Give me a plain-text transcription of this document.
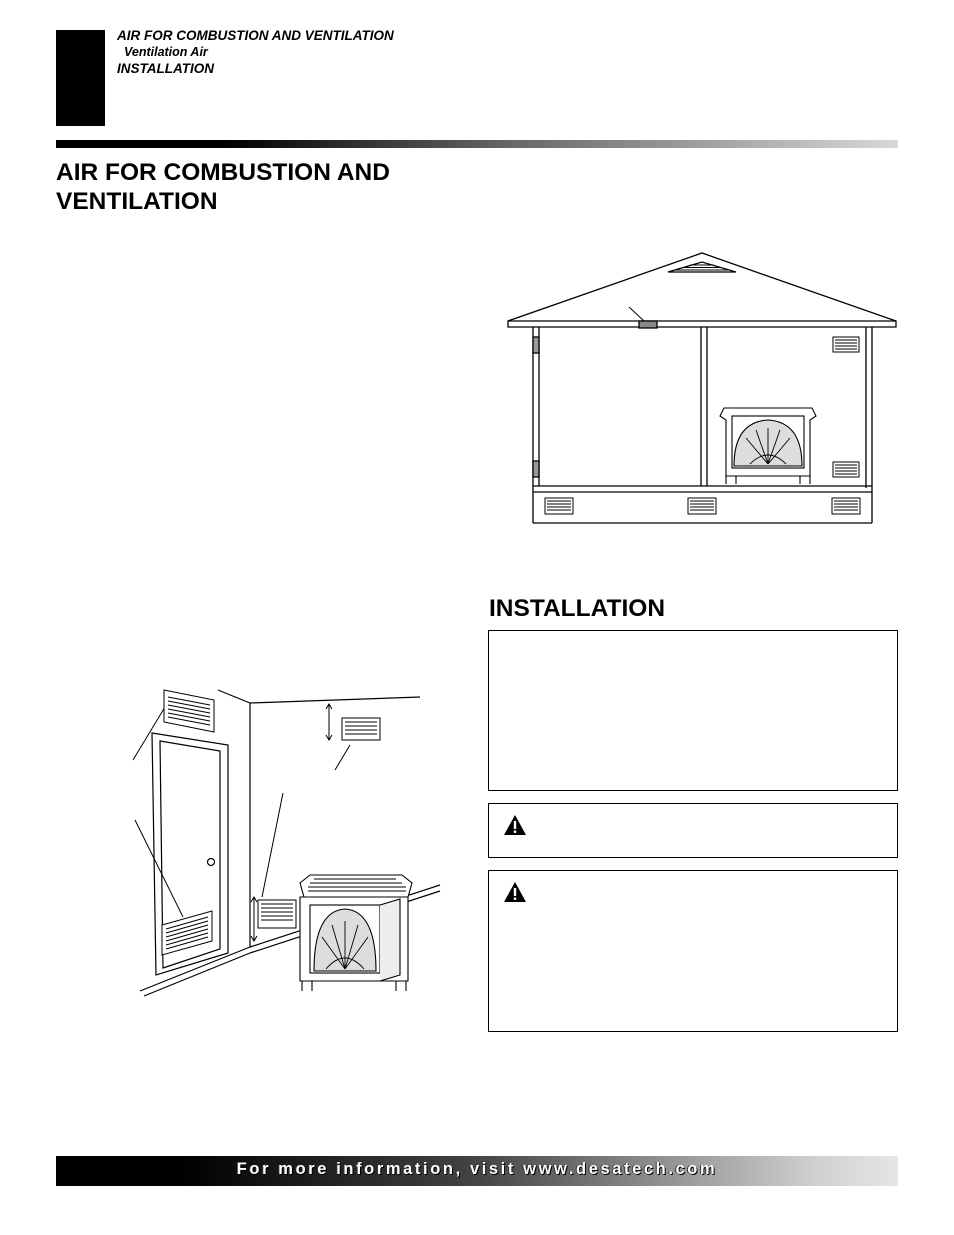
AIR FOR COMBUSTION AND VENTILATION
Ventilation Air
INSTALLATION
AIR FOR COMBUSTION AND VENTILATION
INSTALLATION
For more information, visit www.desatech.com
